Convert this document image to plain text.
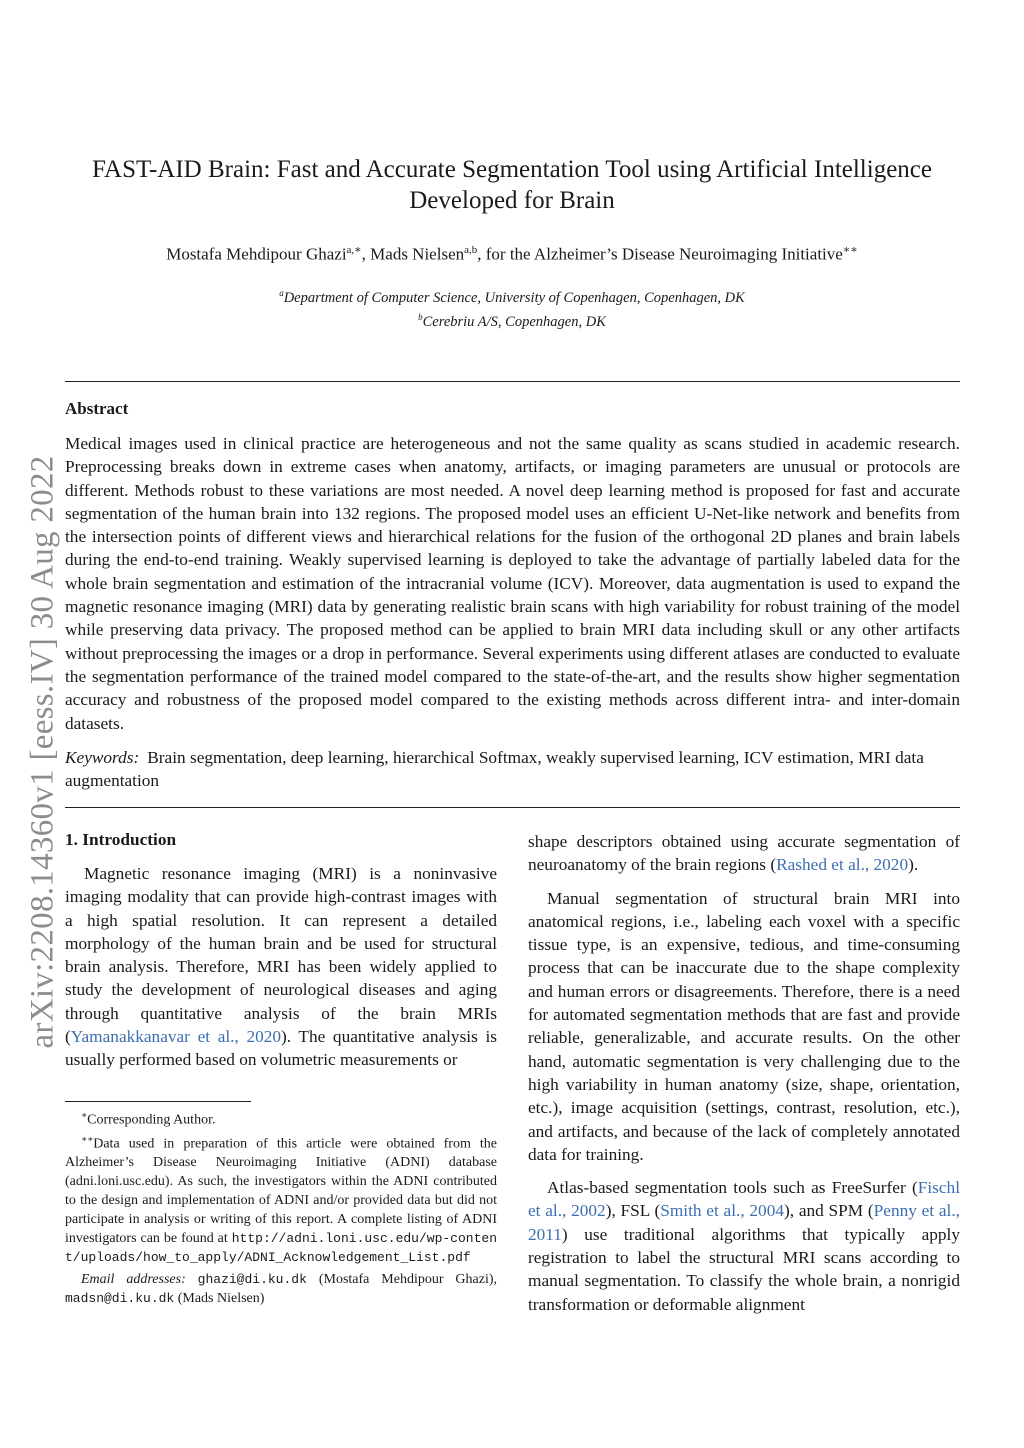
arXiv:2208.14360v1 [eess.IV] 30 Aug 2022
FAST-AID Brain: Fast and Accurate Segmentation Tool using Artificial Intelligence
Developed for Brain
Mostafa Mehdipour Ghazi$^{a,∗}$, Mads Nielsen$^{a,b}$, for the Alzheimer’s Disease Neuroimaging Initiative∗∗
$^a$Department of Computer Science, University of Copenhagen, Copenhagen, DK
$^b$Cerebriu A/S, Copenhagen, DK
Abstract

Medical images used in clinical practice are heterogeneous and not the same quality as scans studied in academic research. Preprocessing breaks down in extreme cases when anatomy, artifacts, or imaging parameters are unusual or protocols are different. Methods robust to these variations are most needed. A novel deep learning method is proposed for fast and accurate segmentation of the human brain into 132 regions. The proposed model uses an efficient U-Net-like network and benefits from the intersection points of different views and hierarchical relations for the fusion of the orthogonal 2D planes and brain labels during the end-to-end training. Weakly supervised learning is deployed to take the advantage of partially labeled data for the whole brain segmentation and estimation of the intracranial volume (ICV). Moreover, data augmentation is used to expand the magnetic resonance imaging (MRI) data by generating realistic brain scans with high variability for robust training of the model while preserving data privacy. The proposed method can be applied to brain MRI data including skull or any other artifacts without preprocessing the images or a drop in performance. Several experiments using different atlases are conducted to evaluate the segmentation performance of the trained model compared to the state-of-the-art, and the results show higher segmentation accuracy and robustness of the proposed model compared to the existing methods across different intra- and inter-domain datasets.

Keywords: Brain segmentation, deep learning, hierarchical Softmax, weakly supervised learning, ICV estimation, MRI data augmentation

1. Introduction

Magnetic resonance imaging (MRI) is a noninvasive imaging modality that can provide high-contrast images with a high spatial resolution. It can represent a detailed morphology of the human brain and be used for structural brain analysis. Therefore, MRI has been widely applied to study the development of neurological diseases and aging through quantitative analysis of the brain MRIs (Yamanakkanavar et al., 2020). The quantitative analysis is usually performed based on volumetric measurements or

shape descriptors obtained using accurate segmentation of neuroanatomy of the brain regions (Rashed et al., 2020).

Manual segmentation of structural brain MRI into anatomical regions, i.e., labeling each voxel with a specific tissue type, is an expensive, tedious, and time-consuming process that can be inaccurate due to the shape complexity and human errors or disagreements. Therefore, there is a need for automated segmentation methods that are fast and provide reliable, generalizable, and accurate results. On the other hand, automatic segmentation is very challenging due to the high variability in human anatomy (size, shape, orientation, etc.), image acquisition (settings, contrast, resolution, etc.), and artifacts, and because of the lack of completely annotated data for training.

Atlas-based segmentation tools such as FreeSurfer (Fischl et al., 2002), FSL (Smith et al., 2004), and SPM (Penny et al., 2011) use traditional algorithms that typically apply registration to label the structural MRI scans according to manual segmentation. To classify the whole brain, a nonrigid transformation or deformable alignment

∗Corresponding Author.

∗∗Data used in preparation of this article were obtained from the Alzheimer’s Disease Neuroimaging Initiative (ADNI) database (adni.loni.usc.edu). As such, the investigators within the ADNI contributed to the design and implementation of ADNI and/or provided data but did not participate in analysis or writing of this report. A complete listing of ADNI investigators can be found at http://adni.loni.usc.edu/wp-content/uploads/how_to_apply/ADNI_Acknowledgement_List.pdf

Email addresses: ghazi@di.ku.dk (Mostafa Mehdipour Ghazi), madsn@di.ku.dk (Mads Nielsen)
